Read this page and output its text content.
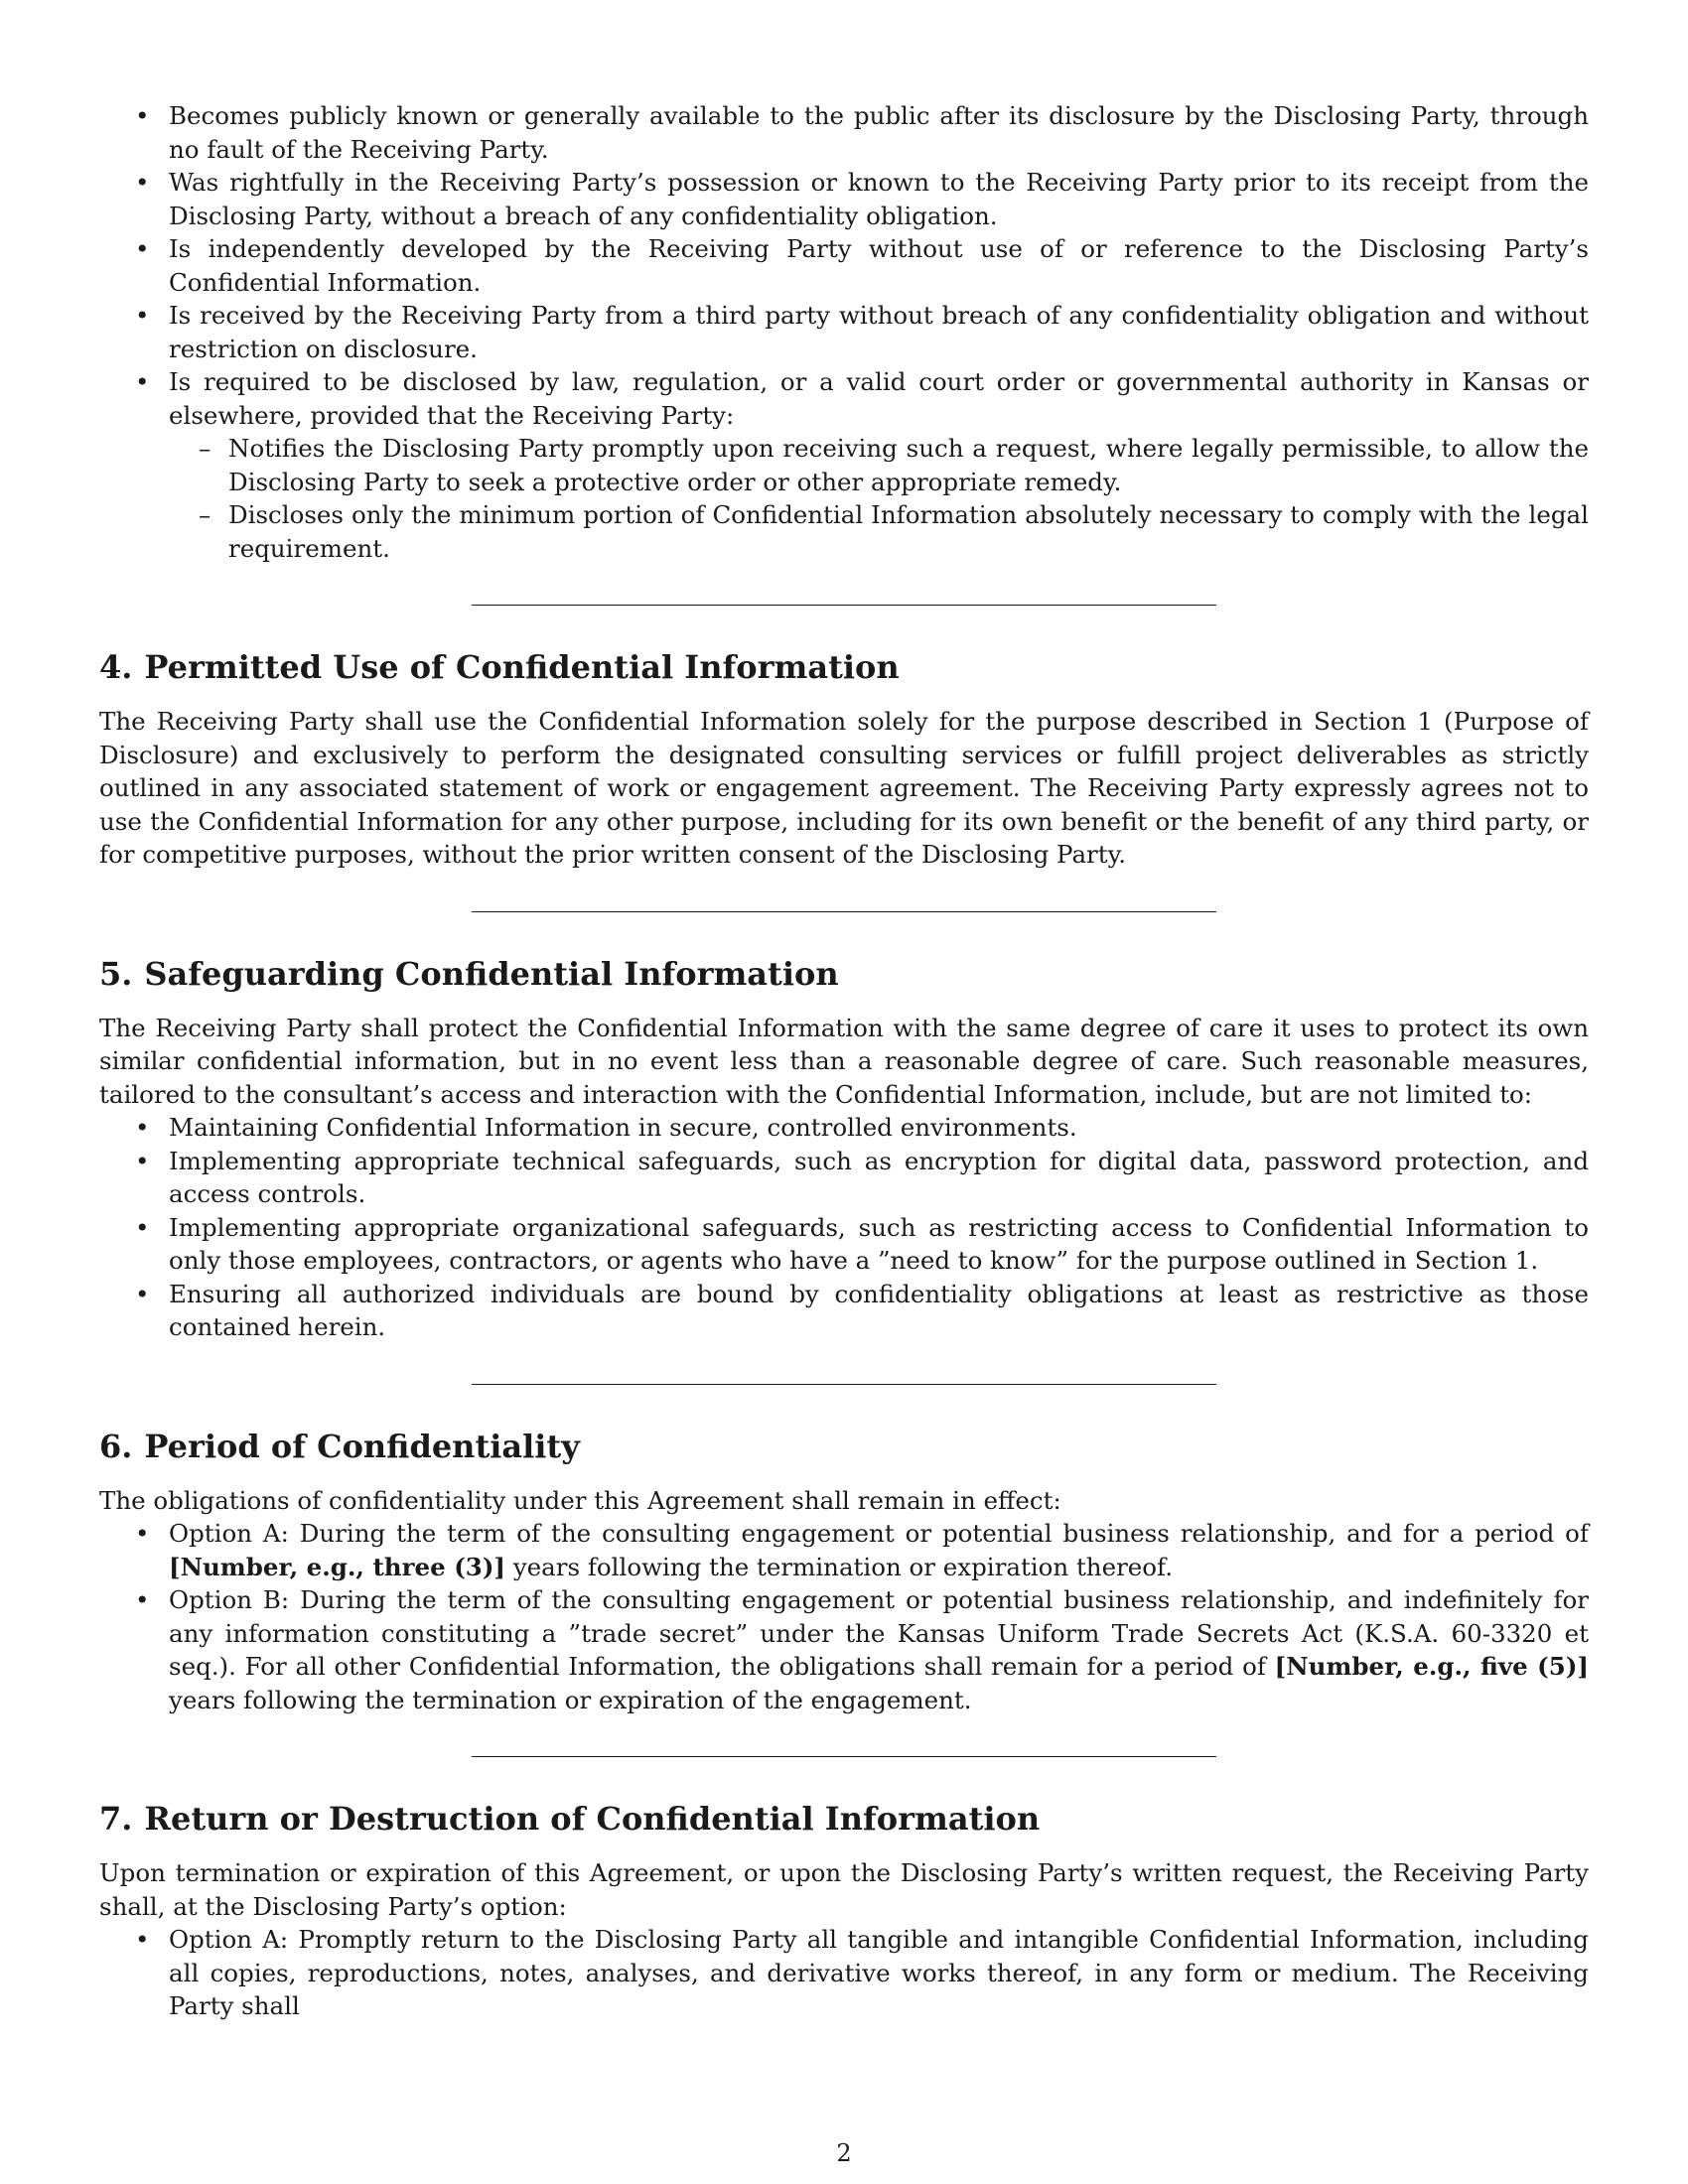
• Becomes publicly known or generally available to the public after its disclosure by the Disclosing Party, through no fault of the Receiving Party.
• Was rightfully in the Receiving Party’s possession or known to the Receiving Party prior to its receipt from the Disclosing Party, without a breach of any confidentiality obligation.
• Is independently developed by the Receiving Party without use of or reference to the Disclosing Party’s Confidential Information.
• Is received by the Receiving Party from a third party without breach of any confidentiality obligation and without restriction on disclosure.
• Is required to be disclosed by law, regulation, or a valid court order or governmental authority in Kansas or elsewhere, provided that the Receiving Party:
– Notifies the Disclosing Party promptly upon receiving such a request, where legally permissible, to allow the Disclosing Party to seek a protective order or other appropriate remedy.
– Discloses only the minimum portion of Confidential Information absolutely necessary to comply with the legal requirement.
4. Permitted Use of Confidential Information

The Receiving Party shall use the Confidential Information solely for the purpose described in Section 1 (Purpose of Disclosure) and exclusively to perform the designated consulting services or fulfill project deliverables as strictly outlined in any associated statement of work or engagement agreement. The Receiving Party expressly agrees not to use the Confidential Information for any other purpose, including for its own benefit or the benefit of any third party, or for competitive purposes, without the prior written consent of the Disclosing Party.

5. Safeguarding Confidential Information

The Receiving Party shall protect the Confidential Information with the same degree of care it uses to protect its own similar confidential information, but in no event less than a reasonable degree of care. Such reasonable measures, tailored to the consultant’s access and interaction with the Confidential Information, include, but are not limited to:

• Maintaining Confidential Information in secure, controlled environments.
• Implementing appropriate technical safeguards, such as encryption for digital data, password protection, and access controls.
• Implementing appropriate organizational safeguards, such as restricting access to Confidential Information to only those employees, contractors, or agents who have a ”need to know” for the purpose outlined in Section 1.
• Ensuring all authorized individuals are bound by confidentiality obligations at least as restrictive as those contained herein.
6. Period of Confidentiality

The obligations of confidentiality under this Agreement shall remain in effect:

• Option A: During the term of the consulting engagement or potential business relationship, and for a period of [Number, e.g., three (3)] years following the termination or expiration thereof.
• Option B: During the term of the consulting engagement or potential business relationship, and indefinitely for any information constituting a ”trade secret” under the Kansas Uniform Trade Secrets Act (K.S.A. 60-3320 et seq.). For all other Confidential Information, the obligations shall remain for a period of [Number, e.g., five (5)] years following the termination or expiration of the engagement.
7. Return or Destruction of Confidential Information

Upon termination or expiration of this Agreement, or upon the Disclosing Party’s written request, the Receiving Party shall, at the Disclosing Party’s option:

• Option A: Promptly return to the Disclosing Party all tangible and intangible Confidential Information, including all copies, reproductions, notes, analyses, and derivative works thereof, in any form or medium. The Receiving Party shall
2
